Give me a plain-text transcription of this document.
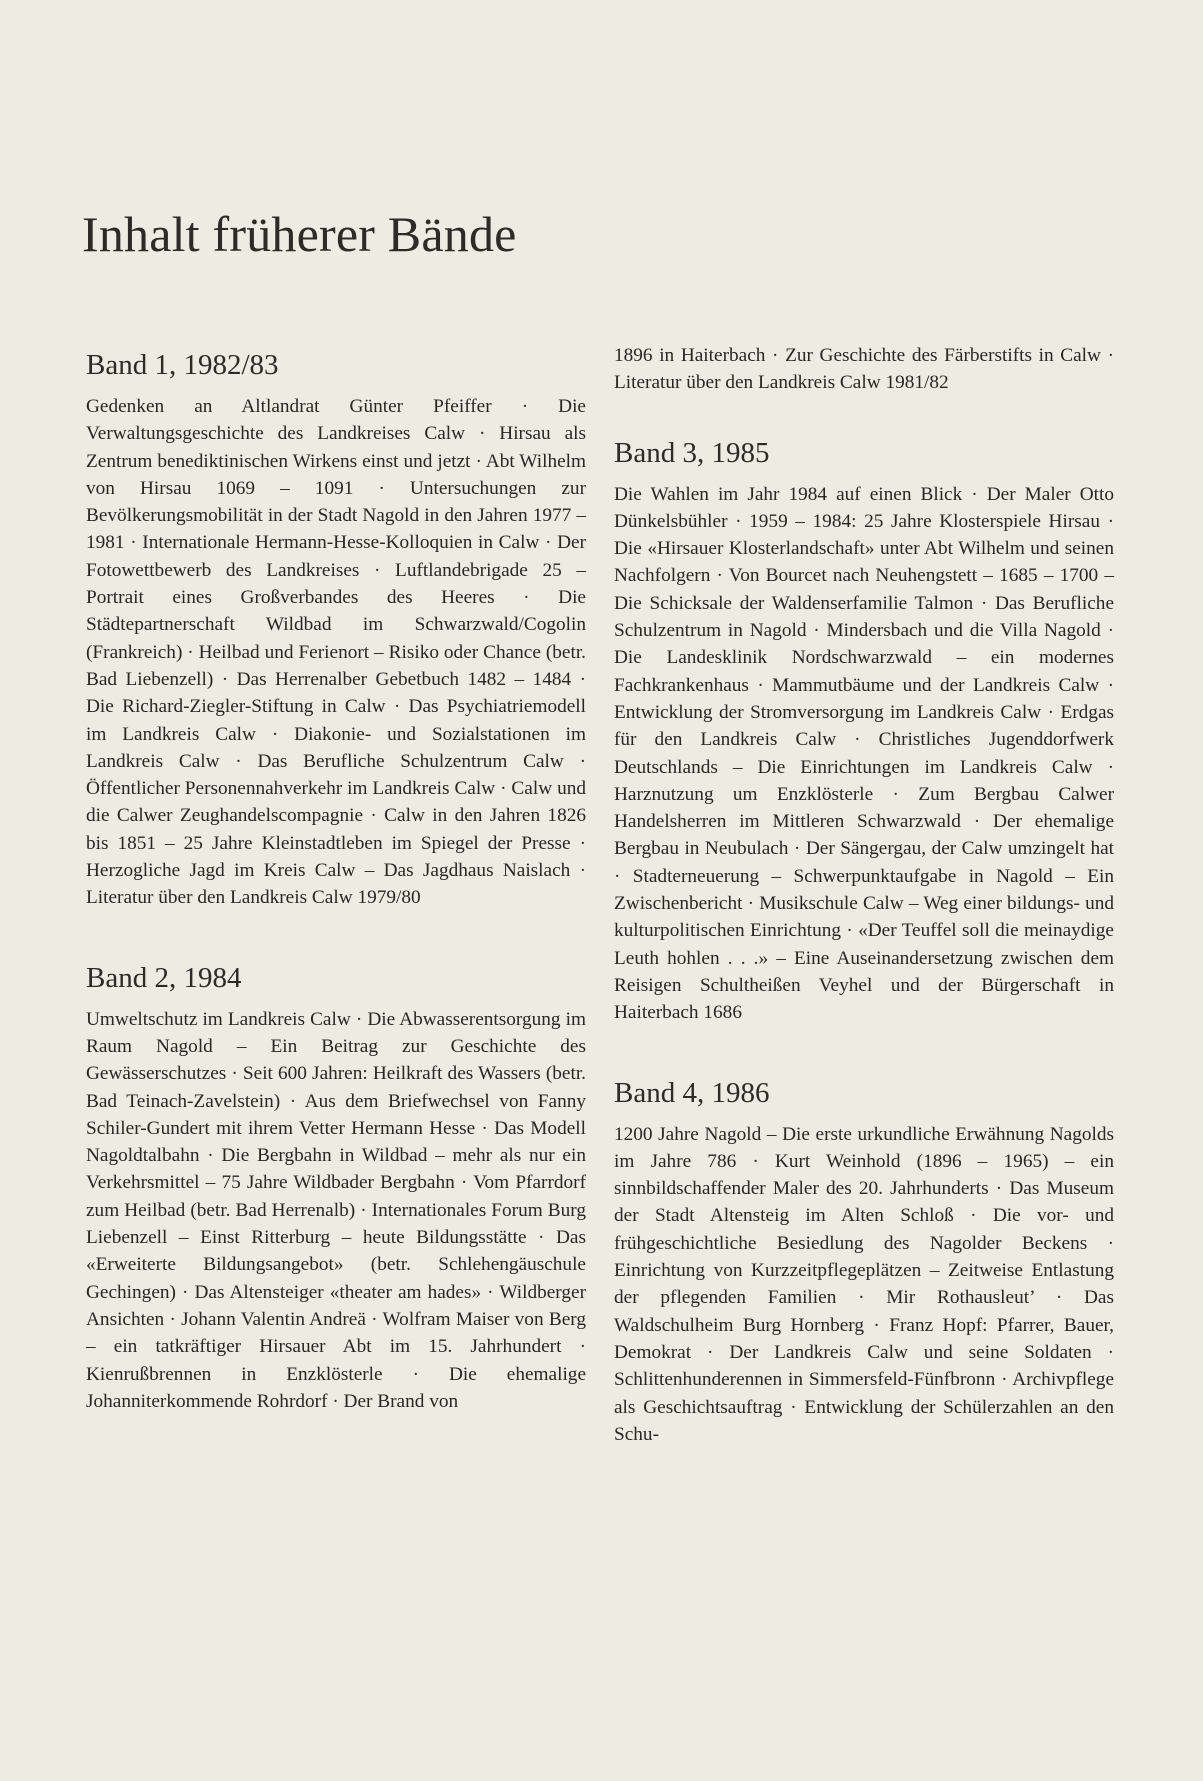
Inhalt früherer Bände
Band 1, 1982/83

Gedenken an Altlandrat Günter Pfeiffer · Die Verwaltungsgeschichte des Landkreises Calw · Hirsau als Zentrum benediktinischen Wirkens einst und jetzt · Abt Wilhelm von Hirsau 1069 – 1091 · Untersuchungen zur Bevölkerungsmobilität in der Stadt Nagold in den Jahren 1977 – 1981 · Internationale Hermann-Hesse-Kolloquien in Calw · Der Fotowettbewerb des Landkreises · Luftlandebrigade 25 – Portrait eines Großverbandes des Heeres · Die Städtepartnerschaft Wildbad im Schwarzwald/Cogolin (Frankreich) · Heilbad und Ferienort – Risiko oder Chance (betr. Bad Liebenzell) · Das Herrenalber Gebetbuch 1482 – 1484 · Die Richard-Ziegler-Stiftung in Calw · Das Psychiatriemodell im Landkreis Calw · Diakonie- und Sozialstationen im Landkreis Calw · Das Berufliche Schulzentrum Calw · Öffentlicher Personennahverkehr im Landkreis Calw · Calw und die Calwer Zeughandelscompagnie · Calw in den Jahren 1826 bis 1851 – 25 Jahre Kleinstadtleben im Spiegel der Presse · Herzogliche Jagd im Kreis Calw – Das Jagdhaus Naislach · Literatur über den Landkreis Calw 1979/80

Band 2, 1984

Umweltschutz im Landkreis Calw · Die Abwasserentsorgung im Raum Nagold – Ein Beitrag zur Geschichte des Gewässerschutzes · Seit 600 Jahren: Heilkraft des Wassers (betr. Bad Teinach-Zavelstein) · Aus dem Briefwechsel von Fanny Schiler-Gundert mit ihrem Vetter Hermann Hesse · Das Modell Nagoldtalbahn · Die Bergbahn in Wildbad – mehr als nur ein Verkehrsmittel – 75 Jahre Wildbader Bergbahn · Vom Pfarrdorf zum Heilbad (betr. Bad Herrenalb) · Internationales Forum Burg Liebenzell – Einst Ritterburg – heute Bildungsstätte · Das «Erweiterte Bildungsangebot» (betr. Schlehengäuschule Gechingen) · Das Altensteiger «theater am hades» · Wildberger Ansichten · Johann Valentin Andreä · Wolfram Maiser von Berg – ein tatkräftiger Hirsauer Abt im 15. Jahrhundert · Kienrußbrennen in Enzklösterle · Die ehemalige Johanniterkommende Rohrdorf · Der Brand von

1896 in Haiterbach · Zur Geschichte des Färberstifts in Calw · Literatur über den Landkreis Calw 1981/82

Band 3, 1985

Die Wahlen im Jahr 1984 auf einen Blick · Der Maler Otto Dünkelsbühler · 1959 – 1984: 25 Jahre Klosterspiele Hirsau · Die «Hirsauer Klosterlandschaft» unter Abt Wilhelm und seinen Nachfolgern · Von Bourcet nach Neuhengstett – 1685 – 1700 – Die Schicksale der Waldenserfamilie Talmon · Das Berufliche Schulzentrum in Nagold · Mindersbach und die Villa Nagold · Die Landesklinik Nordschwarzwald – ein modernes Fachkrankenhaus · Mammutbäume und der Landkreis Calw · Entwicklung der Stromversorgung im Landkreis Calw · Erdgas für den Landkreis Calw · Christliches Jugenddorfwerk Deutschlands – Die Einrichtungen im Landkreis Calw · Harznutzung um Enzklösterle · Zum Bergbau Calwer Handelsherren im Mittleren Schwarzwald · Der ehemalige Bergbau in Neubulach · Der Sängergau, der Calw umzingelt hat · Stadterneuerung – Schwerpunktaufgabe in Nagold – Ein Zwischenbericht · Musikschule Calw – Weg einer bildungs- und kulturpolitischen Einrichtung · «Der Teuffel soll die meinaydige Leuth hohlen . . .» – Eine Auseinandersetzung zwischen dem Reisigen Schultheißen Veyhel und der Bürgerschaft in Haiterbach 1686

Band 4, 1986

1200 Jahre Nagold – Die erste urkundliche Erwähnung Nagolds im Jahre 786 · Kurt Weinhold (1896 – 1965) – ein sinnbildschaffender Maler des 20. Jahrhunderts · Das Museum der Stadt Altensteig im Alten Schloß · Die vor- und frühgeschichtliche Besiedlung des Nagolder Beckens · Einrichtung von Kurzzeitpflegeplätzen – Zeitweise Entlastung der pflegenden Familien · Mir Rothausleut’ · Das Waldschulheim Burg Hornberg · Franz Hopf: Pfarrer, Bauer, Demokrat · Der Landkreis Calw und seine Soldaten · Schlittenhunderennen in Simmersfeld-Fünfbronn · Archivpflege als Geschichtsauftrag · Entwicklung der Schülerzahlen an den Schu-
